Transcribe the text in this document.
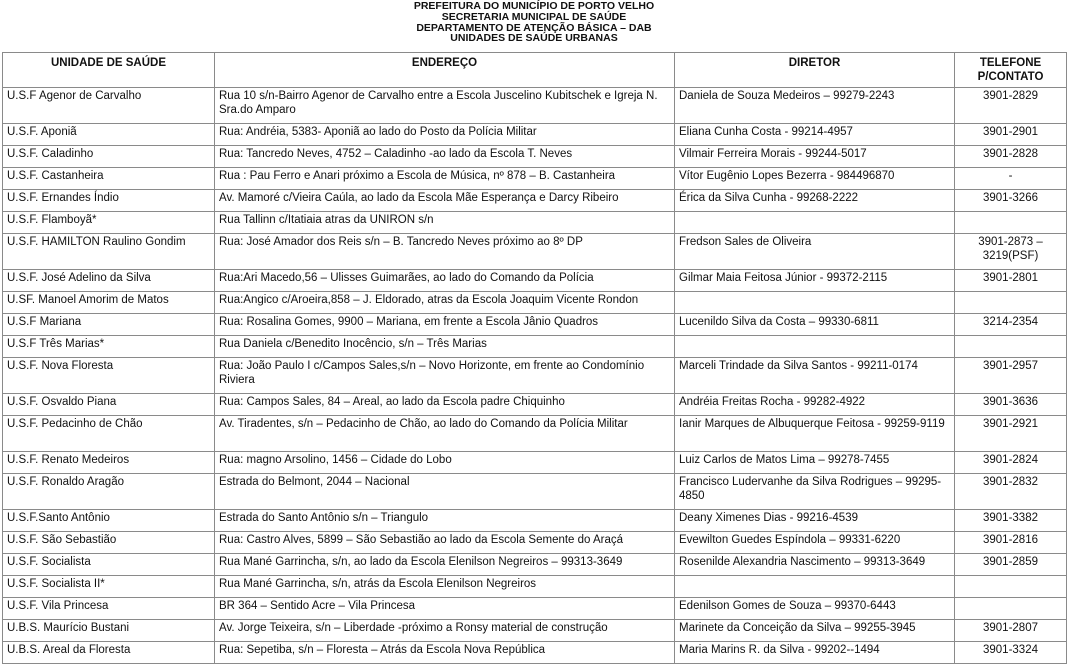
PREFEITURA DO MUNICÍPIO DE PORTO VELHO
SECRETARIA MUNICIPAL DE SAÚDE
DEPARTAMENTO DE ATENÇÃO BÁSICA – DAB
UNIDADES DE SAÚDE URBANAS
UNIDADE DE SAÚDE	ENDEREÇO	DIRETOR	TELEFONE
P/CONTATO
U.S.F Agenor de Carvalho	Rua 10 s/n-Bairro Agenor de Carvalho entre a Escola Juscelino Kubitschek e Igreja N. Sra.do Amparo	Daniela de Souza Medeiros – 99279-2243	3901-2829
U.S.F. Aponiã	Rua: Andréia, 5383- Aponiã ao lado do Posto da Polícia Militar	Eliana Cunha Costa - 99214-4957	3901-2901
U.S.F. Caladinho	Rua: Tancredo Neves, 4752 – Caladinho -ao lado da Escola T. Neves	Vilmair Ferreira Morais - 99244-5017	3901-2828
U.S.F. Castanheira	Rua : Pau Ferro e Anari próximo a Escola de Música, nº 878 – B. Castanheira	Vítor Eugênio Lopes Bezerra - 984496870	-
U.S.F. Ernandes Índio	Av. Mamoré c/Vieira Caúla, ao lado da Escola Mãe Esperança e Darcy Ribeiro	Érica da Silva Cunha - 99268-2222	3901-3266
U.S.F. Flamboyã*	Rua Tallinn c/Itatiaia atras da UNIRON s/n		
U.S.F. HAMILTON Raulino Gondim	Rua: José Amador dos Reis s/n – B. Tancredo Neves próximo ao 8º DP	Fredson Sales de Oliveira	3901-2873 – 3219(PSF)
U.S.F. José Adelino da Silva	Rua:Ari Macedo,56 – Ulisses Guimarães, ao lado do Comando da Polícia	Gilmar Maia Feitosa Júnior - 99372-2115	3901-2801
U.SF. Manoel Amorim de Matos	Rua:Angico c/Aroeira,858 – J. Eldorado, atras da Escola Joaquim Vicente Rondon		
U.S.F Mariana	Rua: Rosalina Gomes, 9900 – Mariana, em frente a Escola Jânio Quadros	Lucenildo Silva da Costa – 99330-6811	3214-2354
U.S.F Três Marias*	Rua Daniela c/Benedito Inocêncio, s/n – Três Marias		
U.S.F. Nova Floresta	Rua: João Paulo I c/Campos Sales,s/n – Novo Horizonte, em frente ao Condomínio Riviera	Marceli Trindade da Silva Santos - 99211-0174	3901-2957
U.S.F. Osvaldo Piana	Rua: Campos Sales, 84 – Areal, ao lado da Escola padre Chiquinho	Andréia Freitas Rocha - 99282-4922	3901-3636
U.S.F. Pedacinho de Chão	Av. Tiradentes, s/n – Pedacinho de Chão, ao lado do Comando da Polícia Militar	Ianir Marques de Albuquerque Feitosa - 99259-9119	3901-2921
U.S.F. Renato Medeiros	Rua: magno Arsolino, 1456 – Cidade do Lobo	Luiz Carlos de Matos Lima – 99278-7455	3901-2824
U.S.F. Ronaldo Aragão	Estrada do Belmont, 2044 – Nacional	Francisco Ludervanhe da Silva Rodrigues – 99295-4850	3901-2832
U.S.F.Santo Antônio	Estrada do Santo Antônio s/n – Triangulo	Deany Ximenes Dias - 99216-4539	3901-3382
U.S.F. São Sebastião	Rua: Castro Alves, 5899 – São Sebastião ao lado da Escola Semente do Araçá	Evewilton Guedes Espíndola – 99331-6220	3901-2816
U.S.F. Socialista	Rua Mané Garrincha, s/n, ao lado da Escola Elenilson Negreiros – 99313-3649	Rosenilde Alexandria Nascimento – 99313-3649	3901-2859
U.S.F. Socialista II*	Rua Mané Garrincha, s/n, atrás da Escola Elenilson Negreiros		
U.S.F. Vila Princesa	BR 364 – Sentido Acre – Vila Princesa	Edenilson Gomes de Souza – 99370-6443	
U.B.S. Maurício Bustani	Av. Jorge Teixeira, s/n – Liberdade -próximo a Ronsy material de construção	Marinete da Conceição da Silva – 99255-3945	3901-2807
U.B.S. Areal da Floresta	Rua: Sepetiba, s/n – Floresta – Atrás da Escola Nova República	Maria Marins R. da Silva - 99202--1494	3901-3324
